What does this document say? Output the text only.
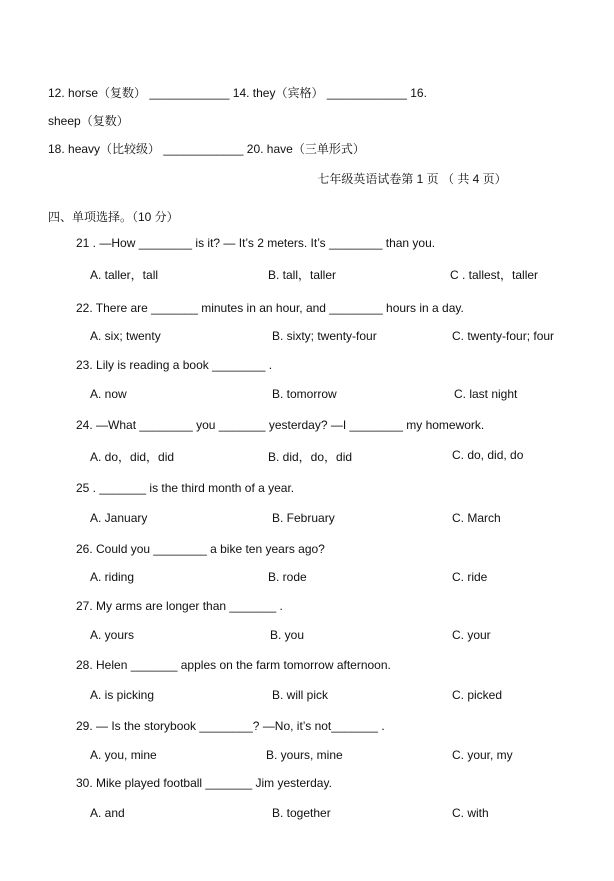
12. horse（复数） ____________ 14. they（宾格） ____________ 16.
sheep（复数）
18. heavy（比较级） ____________ 20. have（三单形式）
七年级英语试卷第 1 页 （ 共 4 页）
四、单项选择。（10 分）
21 . —How ________ is it? — It’s 2 meters. It’s ________ than you.
A. taller，tall	B. tall，taller	C . tallest，taller
22. There are _______ minutes in an hour, and ________ hours in a day.
A. six; twenty	B. sixty; twenty-four	C. twenty-four; four
23. Lily is reading a book ________ .
A. now	B. tomorrow	C. last night
24. —What ________ you _______ yesterday? —I ________ my homework.
A. do，did，did	B. did，do，did	C. do, did, do
25 . _______ is the third month of a year.
A. January	B. February	C. March
26. Could you ________ a bike ten years ago?
A. riding	B. rode	C. ride
27. My arms are longer than _______ .
A. yours	B. you	C. your
28. Helen _______ apples on the farm tomorrow afternoon.
A. is picking	B. will pick	C. picked
29. — Is the storybook ________? —No, it’s not_______ .
A. you, mine	B. yours, mine	C. your, my
30. Mike played football _______ Jim yesterday.
A. and	B. together	C. with
